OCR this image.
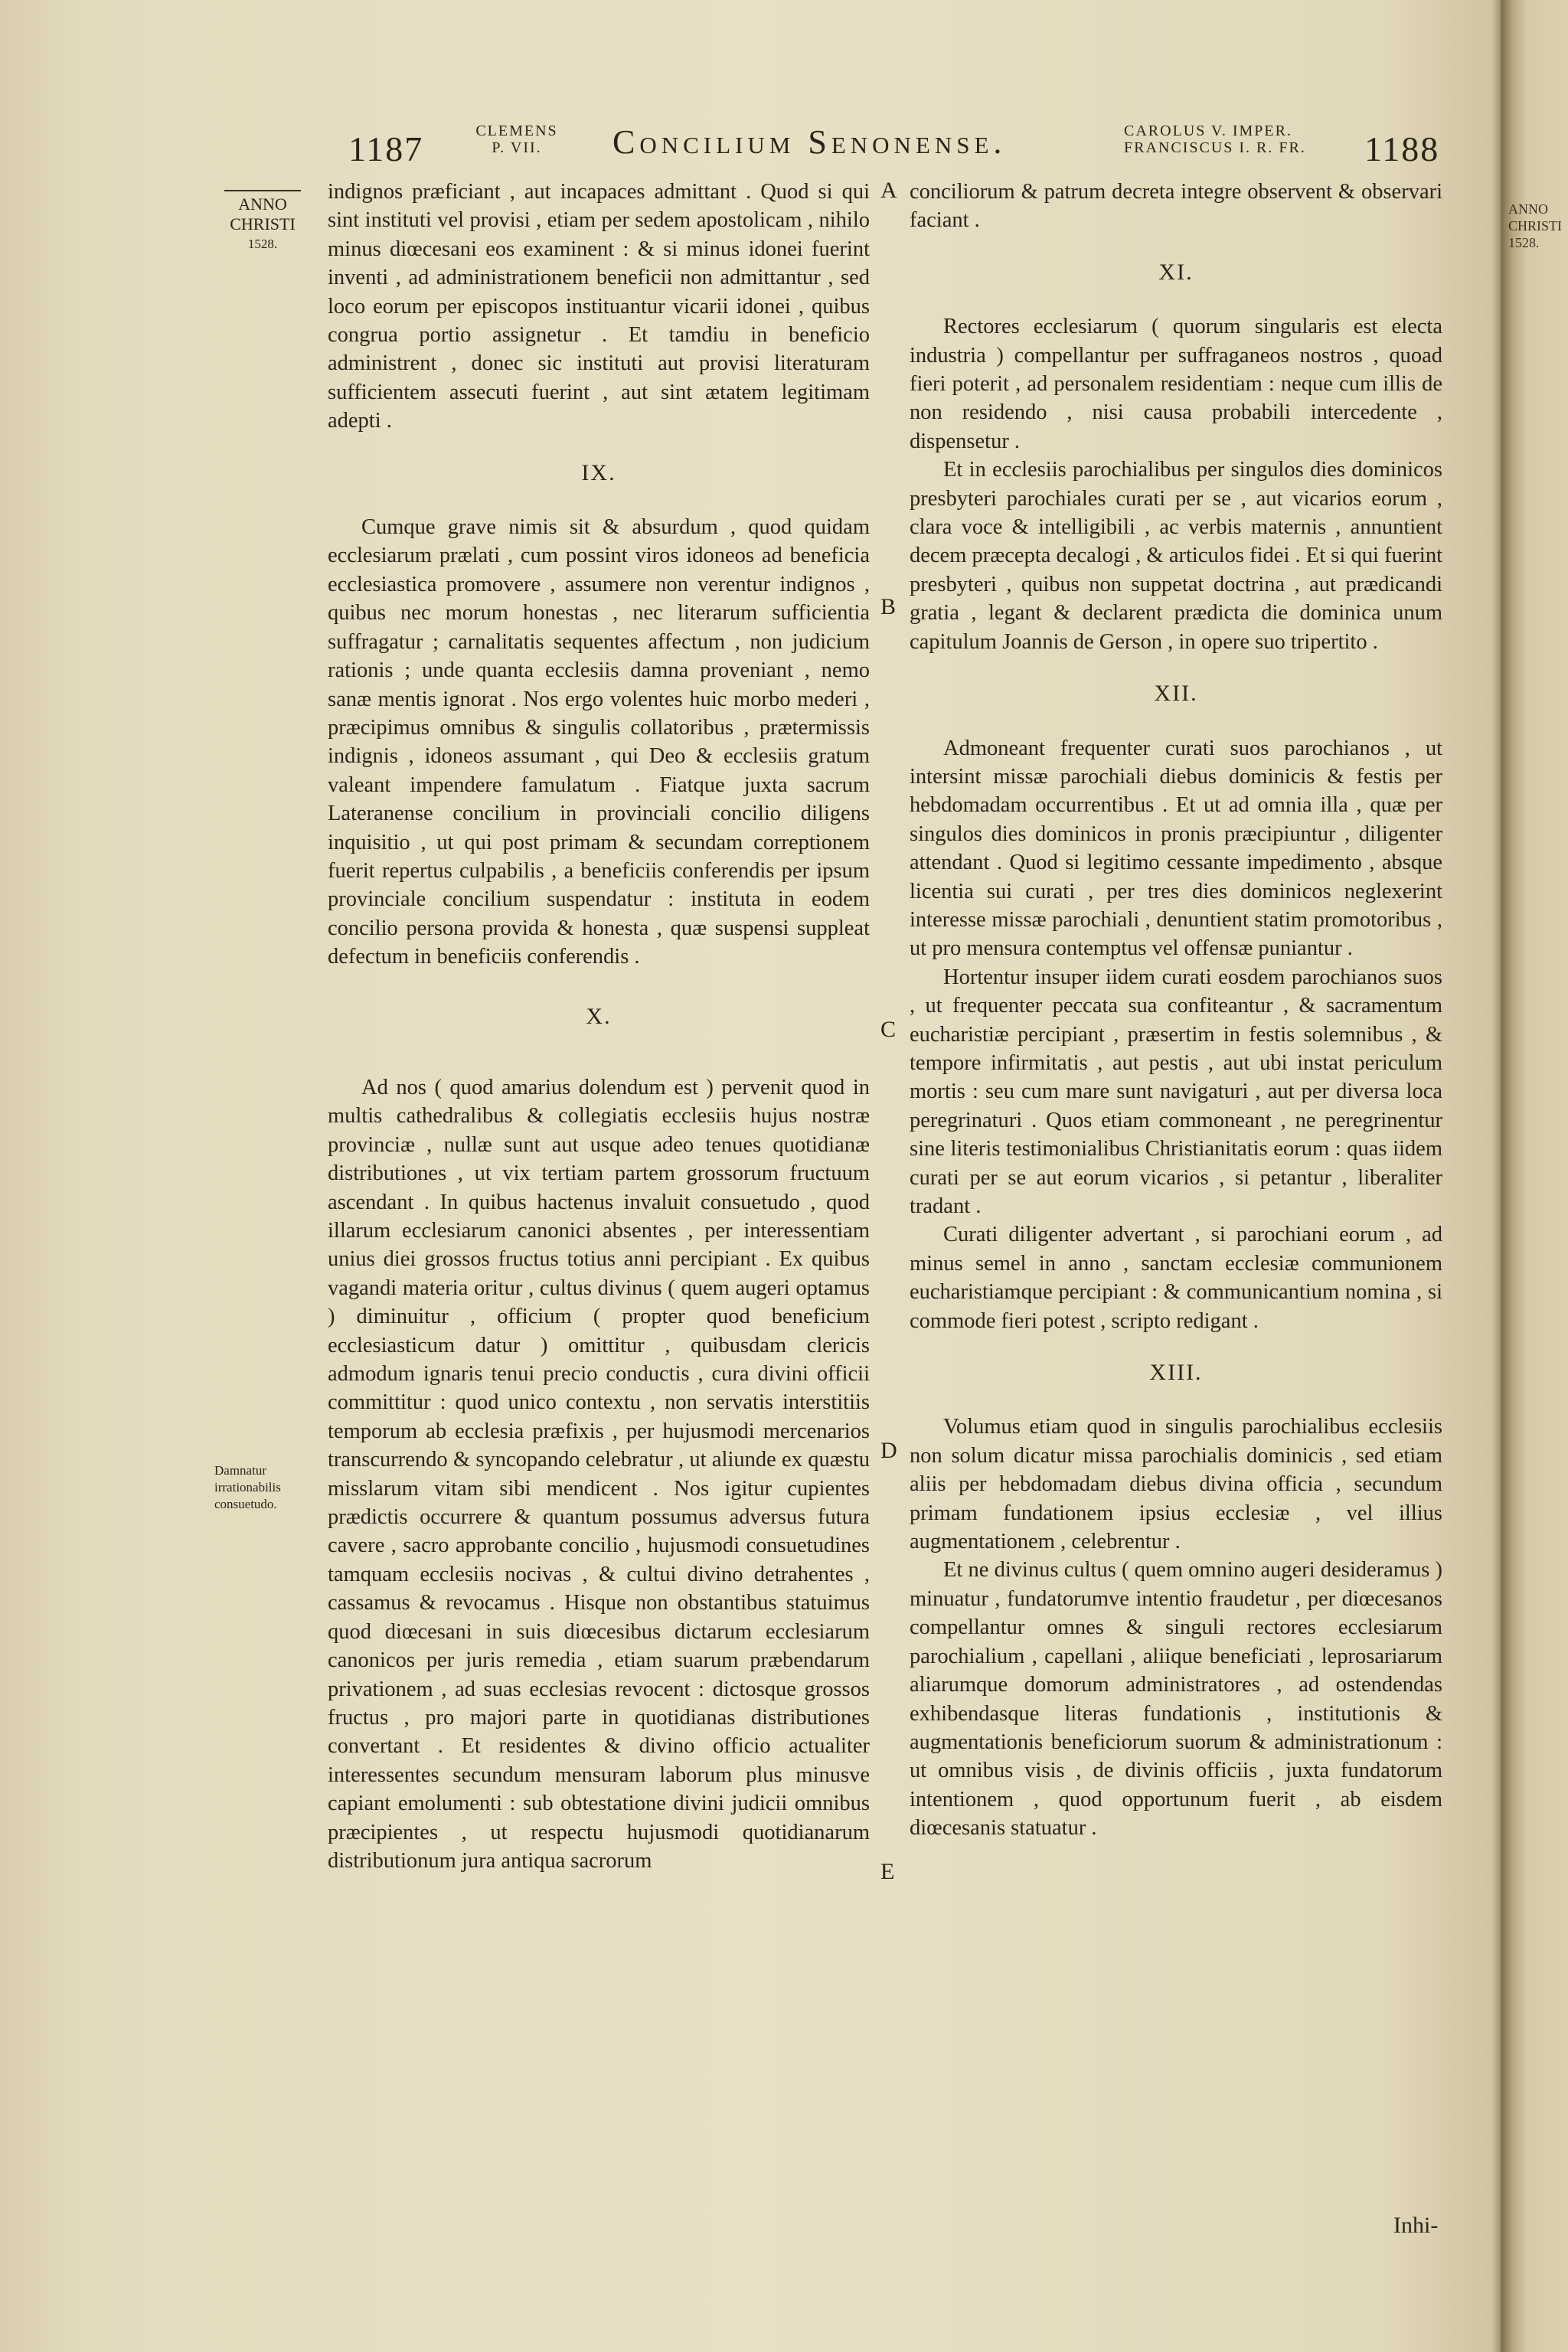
1187	CLEMENS
P. VII.	Concilium Senonense.	CAROLUS V. IMPER.
FRANCISCUS I. R. FR.	1188
ANNO
CHRISTI
1528.
Damnatur irrationabilis consuetudo.
A
B
C
D
E

indignos præficiant , aut incapaces admittant . Quod si qui sint instituti vel provisi , etiam per sedem apostolicam , nihilo minus diœcesani eos examinent : & si minus idonei fuerint inventi , ad administrationem beneficii non admittantur , sed loco eorum per episcopos instituantur vicarii idonei , quibus congrua portio assignetur . Et tamdiu in beneficio administrent , donec sic instituti aut provisi literaturam sufficientem assecuti fuerint , aut sint ætatem legitimam adepti .

IX.

Cumque grave nimis sit & absurdum , quod quidam ecclesiarum prælati , cum possint viros idoneos ad beneficia ecclesiastica promovere , assumere non verentur indignos , quibus nec morum honestas , nec literarum sufficientia suffragatur ; carnalitatis sequentes affectum , non judicium rationis ; unde quanta ecclesiis damna proveniant , nemo sanæ mentis ignorat . Nos ergo volentes huic morbo mederi , præcipimus omnibus & singulis collatoribus , prætermissis indignis , idoneos assumant , qui Deo & ecclesiis gratum valeant impendere famulatum . Fiatque juxta sacrum Lateranense concilium in provinciali concilio diligens inquisitio , ut qui post primam & secundam correptionem fuerit repertus culpabilis , a beneficiis conferendis per ipsum provinciale concilium suspendatur : instituta in eodem concilio persona provida & honesta , quæ suspensi suppleat defectum in beneficiis conferendis .

X.

Ad nos ( quod amarius dolendum est ) pervenit quod in multis cathedralibus & collegiatis ecclesiis hujus nostræ provinciæ , nullæ sunt aut usque adeo tenues quotidianæ distributiones , ut vix tertiam partem grossorum fructuum ascendant . In quibus hactenus invaluit consuetudo , quod illarum ecclesiarum canonici absentes , per interessentiam unius diei grossos fructus totius anni percipiant . Ex quibus vagandi materia oritur , cultus divinus ( quem augeri optamus ) diminuitur , officium ( propter quod beneficium ecclesiasticum datur ) omittitur , quibusdam clericis admodum ignaris tenui precio conductis , cura divini officii committitur : quod unico contextu , non servatis interstitiis temporum ab ecclesia præfixis , per hujusmodi mercenarios transcurrendo & syncopando celebratur , ut aliunde ex quæstu misslarum vitam sibi mendicent . Nos igitur cupientes prædictis occurrere & quantum possumus adversus futura cavere , sacro approbante concilio , hujusmodi consuetudines tamquam ecclesiis nocivas , & cultui divino detrahentes , cassamus & revocamus . Hisque non obstantibus statuimus quod diœcesani in suis diœcesibus dictarum ecclesiarum canonicos per juris remedia , etiam suarum præbendarum privationem , ad suas ecclesias revocent : dictosque grossos fructus , pro majori parte in quotidianas distributiones convertant . Et residentes & divino officio actualiter interessentes secundum mensuram laborum plus minusve capiant emolumenti : sub obtestatione divini judicii omnibus præcipientes , ut respectu hujusmodi quotidianarum distributionum jura antiqua sacrorum

conciliorum & patrum decreta integre observent & observari faciant .

XI.

Rectores ecclesiarum ( quorum singularis est electa industria ) compellantur per suffraganeos nostros , quoad fieri poterit , ad personalem residentiam : neque cum illis de non residendo , nisi causa probabili intercedente , dispensetur .

Et in ecclesiis parochialibus per singulos dies dominicos presbyteri parochiales curati per se , aut vicarios eorum , clara voce & intelligibili , ac verbis maternis , annuntient decem præcepta decalogi , & articulos fidei . Et si qui fuerint presbyteri , quibus non suppetat doctrina , aut prædicandi gratia , legant & declarent prædicta die dominica unum capitulum Joannis de Gerson , in opere suo tripertito .

XII.

Admoneant frequenter curati suos parochianos , ut intersint missæ parochiali diebus dominicis & festis per hebdomadam occurrentibus . Et ut ad omnia illa , quæ per singulos dies dominicos in pronis præcipiuntur , diligenter attendant . Quod si legitimo cessante impedimento , absque licentia sui curati , per tres dies dominicos neglexerint interesse missæ parochiali , denuntient statim promotoribus , ut pro mensura contemptus vel offensæ puniantur .

Hortentur insuper iidem curati eosdem parochianos suos , ut frequenter peccata sua confiteantur , & sacramentum eucharistiæ percipiant , præsertim in festis solemnibus , & tempore infirmitatis , aut pestis , aut ubi instat periculum mortis : seu cum mare sunt navigaturi , aut per diversa loca peregrinaturi . Quos etiam commoneant , ne peregrinentur sine literis testimonialibus Christianitatis eorum : quas iidem curati per se aut eorum vicarios , si petantur , liberaliter tradant .

Curati diligenter advertant , si parochiani eorum , ad minus semel in anno , sanctam ecclesiæ communionem eucharistiamque percipiant : & communicantium nomina , si commode fieri potest , scripto redigant .

XIII.

Volumus etiam quod in singulis parochialibus ecclesiis non solum dicatur missa parochialis dominicis , sed etiam aliis per hebdomadam diebus divina officia , secundum primam fundationem ipsius ecclesiæ , vel illius augmentationem , celebrentur .

Et ne divinus cultus ( quem omnino augeri desideramus ) minuatur , fundatorumve intentio fraudetur , per diœcesanos compellantur omnes & singuli rectores ecclesiarum parochialium , capellani , aliique beneficiati , leprosariarum aliarumque domorum administratores , ad ostendendas exhibendasque literas fundationis , institutionis & augmentationis beneficiorum suorum & administrationum : ut omnibus visis , de divinis officiis , juxta fundatorum intentionem , quod opportunum fuerit , ab eisdem diœcesanis statuatur .

Inhi-
ANNO CHRISTI 1528.
